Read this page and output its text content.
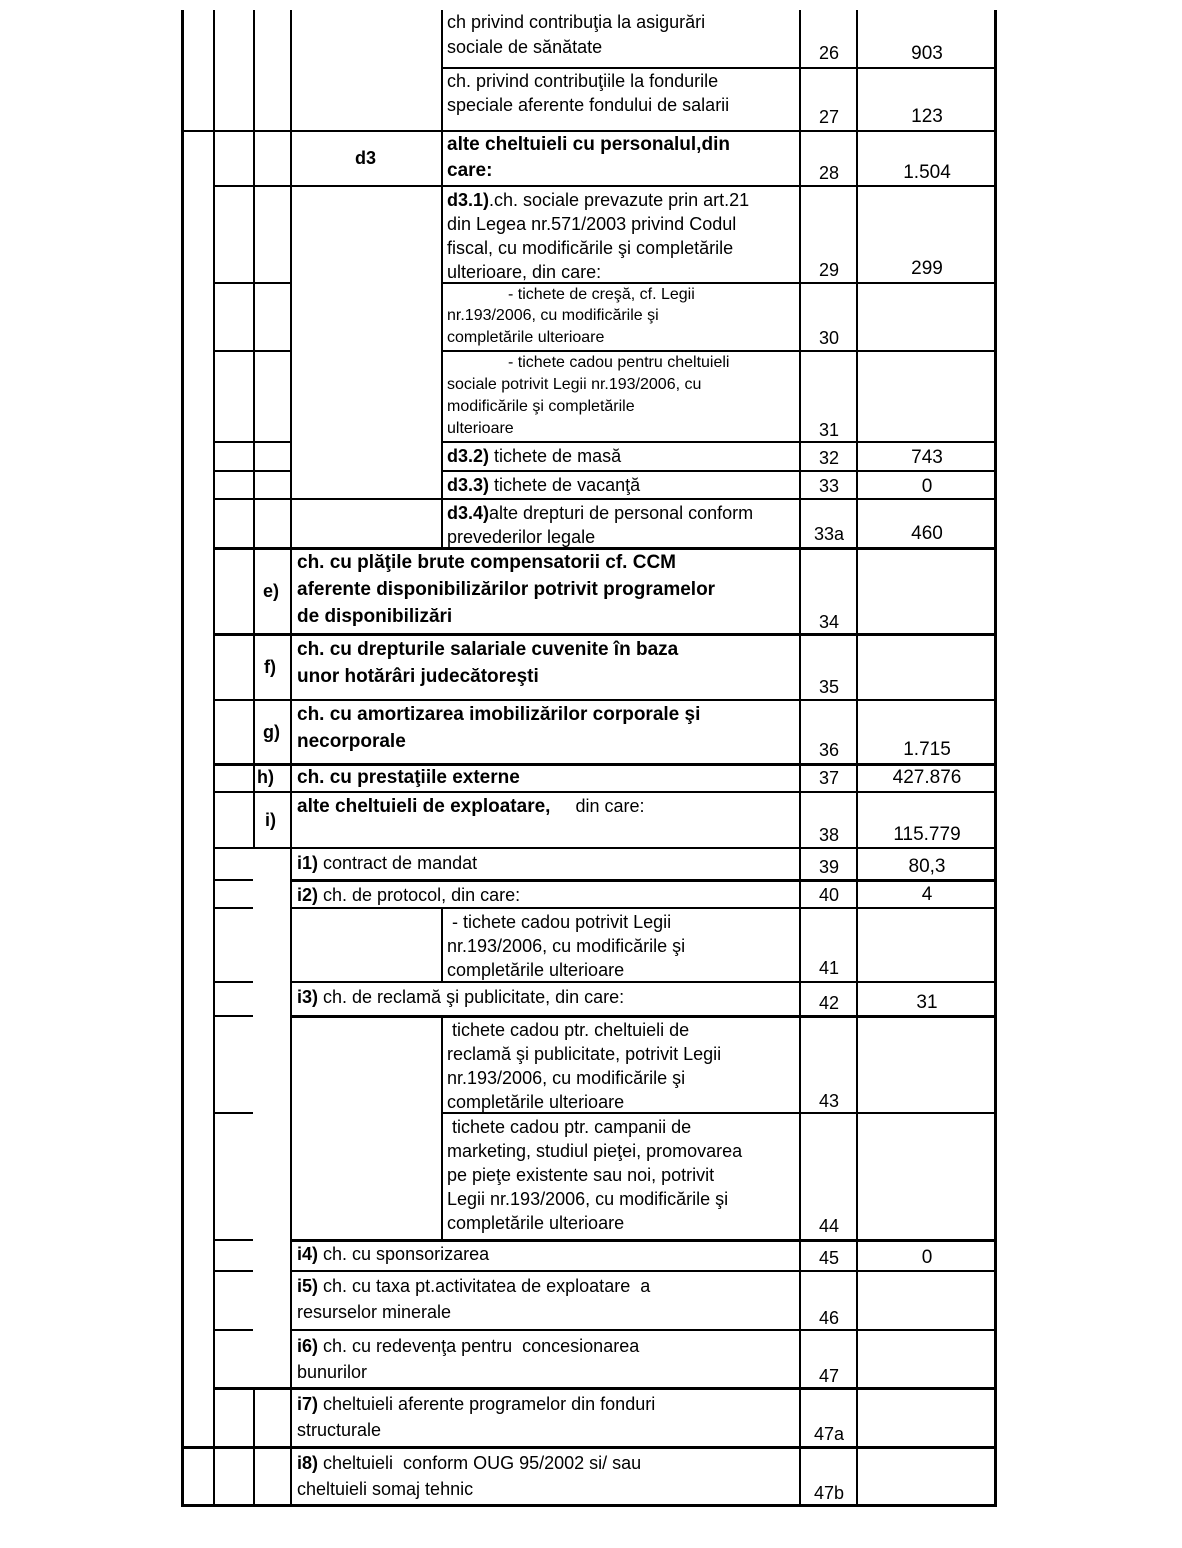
ch privind contribuţia la asigurări
sociale de sănătate	26	903
ch. privind contribuţiile la fondurile
speciale aferente fondului de salarii
27	123
d3
alte cheltuieli cu personalul,din
care:	28	1.504
d3.1).ch. sociale prevazute prin art.21
din Legea nr.571/2003 privind Codul
fiscal, cu modificările şi completările
ulterioare, din care:	29	299
- tichete de creşă, cf. Legii
nr.193/2006, cu modificările şi
completările ulterioare	30
- tichete cadou pentru cheltuieli
sociale potrivit Legii nr.193/2006, cu
modificările şi completările
ulterioare	31
d3.2) tichete de masă	32	743
d3.3) tichete de vacanţă	33	0
d3.4)alte drepturi de personal conform
prevederilor legale	33a	460
e)
ch. cu plăţile brute compensatorii cf. CCM
aferente disponibilizărilor potrivit programelor
de disponibilizări	34
f)
ch. cu drepturile salariale cuvenite în baza
unor hotărâri judecătoreşti	35
g)
ch. cu amortizarea imobilizărilor corporale şi
necorporale	36	1.715
h) ch. cu prestaţiile externe	37	427.876
i)
alte cheltuieli de exploatare,     din care:
38	115.779
i1) contract de mandat	39	80,3
i2) ch. de protocol, din care:	40	4
- tichete cadou potrivit Legii
nr.193/2006, cu modificările şi
completările ulterioare	41
i3) ch. de reclamă şi publicitate, din care:	42	31
tichete cadou ptr. cheltuieli de
reclamă şi publicitate, potrivit Legii
nr.193/2006, cu modificările şi
completările ulterioare	43
tichete cadou ptr. campanii de
marketing, studiul pieţei, promovarea
pe pieţe existente sau noi, potrivit
Legii nr.193/2006, cu modificările şi
completările ulterioare	44
i4) ch. cu sponsorizarea	45	0
i5) ch. cu taxa pt.activitatea de exploatare  a
resurselor minerale	46
i6) ch. cu redevenţa pentru  concesionarea
bunurilor	47
i7) cheltuieli aferente programelor din fonduri
structurale	47a
i8) cheltuieli  conform OUG 95/2002 si/ sau
cheltuieli somaj tehnic	47b
